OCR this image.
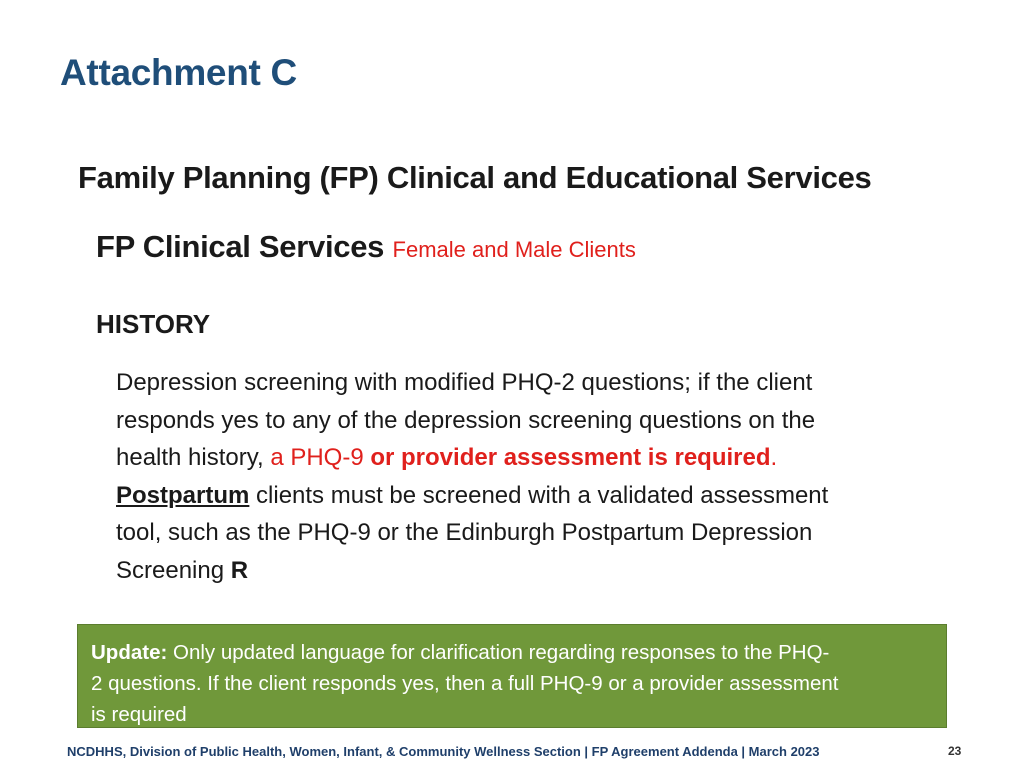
Attachment C
Family Planning (FP) Clinical and Educational Services
FP Clinical Services Female and Male Clients
HISTORY
Depression screening with modified PHQ-2 questions; if the client
responds yes to any of the depression screening questions on the
health history, a PHQ-9 or provider assessment is required.
Postpartum clients must be screened with a validated assessment
tool, such as the PHQ-9 or the Edinburgh Postpartum Depression
Screening R
Update: Only updated language for clarification regarding responses to the PHQ-
2 questions. If the client responds yes, then a full PHQ-9 or a provider assessment
is required
NCDHHS, Division of Public Health, Women, Infant, & Community Wellness Section | FP Agreement Addenda | March 2023	23
